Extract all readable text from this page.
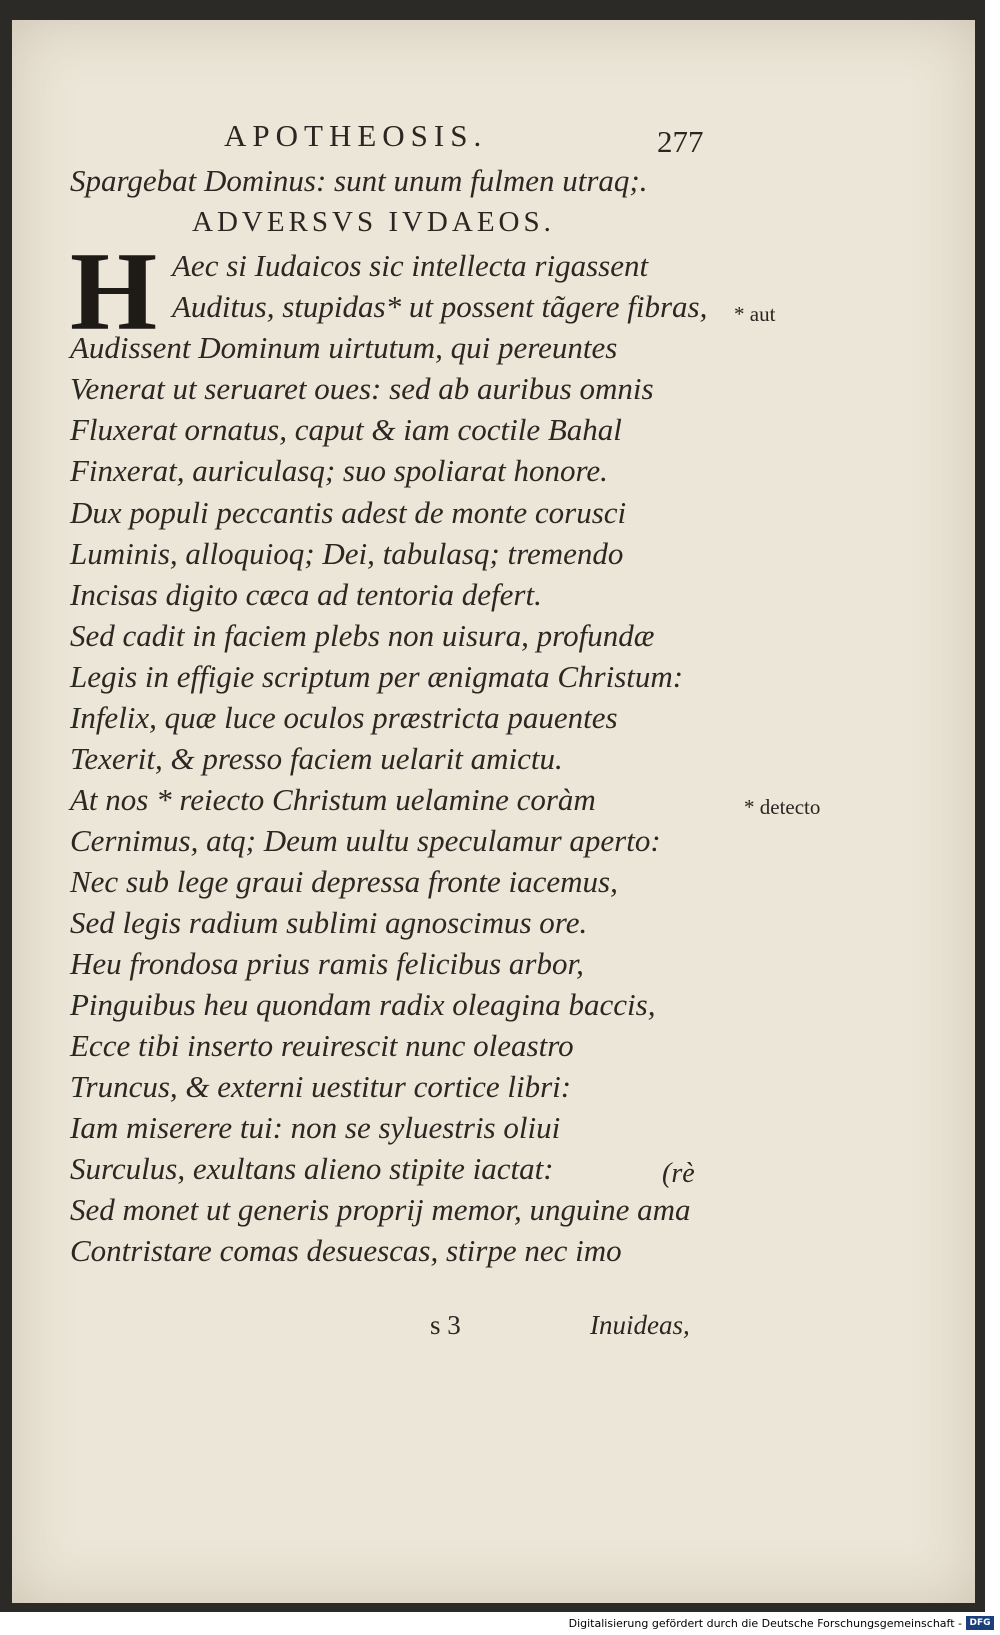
APOTHEOSIS.	277
Spargebat Dominus: sunt unum fulmen utraq;.
ADVERSVS IVDAEOS.
H Aec si Iudaicos sic intellecta rigassent
Auditus, stupidas* ut possent tãgere fibras,
Audissent Dominum uirtutum, qui pereuntes
Venerat ut seruaret oues: sed ab auribus omnis
Fluxerat ornatus, caput & iam coctile Bahal
Finxerat, auriculasq; suo spoliarat honore.
Dux populi peccantis adest de monte corusci
Luminis, alloquioq; Dei, tabulasq; tremendo
Incisas digito cæca ad tentoria defert.
Sed cadit in faciem plebs non uisura, profundæ
Legis in effigie scriptum per ænigmata Christum:
Infelix, quæ luce oculos præstricta pauentes
Texerit, & presso faciem uelarit amictu.
At nos * reiecto Christum uelamine coràm
Cernimus, atq; Deum uultu speculamur aperto:
Nec sub lege graui depressa fronte iacemus,
Sed legis radium sublimi agnoscimus ore.
Heu frondosa prius ramis felicibus arbor,
Pinguibus heu quondam radix oleagina baccis,
Ecce tibi inserto reuirescit nunc oleastro
Truncus, & externi uestitur cortice libri:
Iam miserere tui: non se syluestris oliui
Surculus, exultans alieno stipite iactat:
Sed monet ut generis proprij memor, unguine ama
Contristare comas desuescas, stirpe nec imo
* aut
* detecto
(rè
s 3	Inuideas,
Digitalisierung gefördert durch die Deutsche Forschungsgemeinschaft - DFG
